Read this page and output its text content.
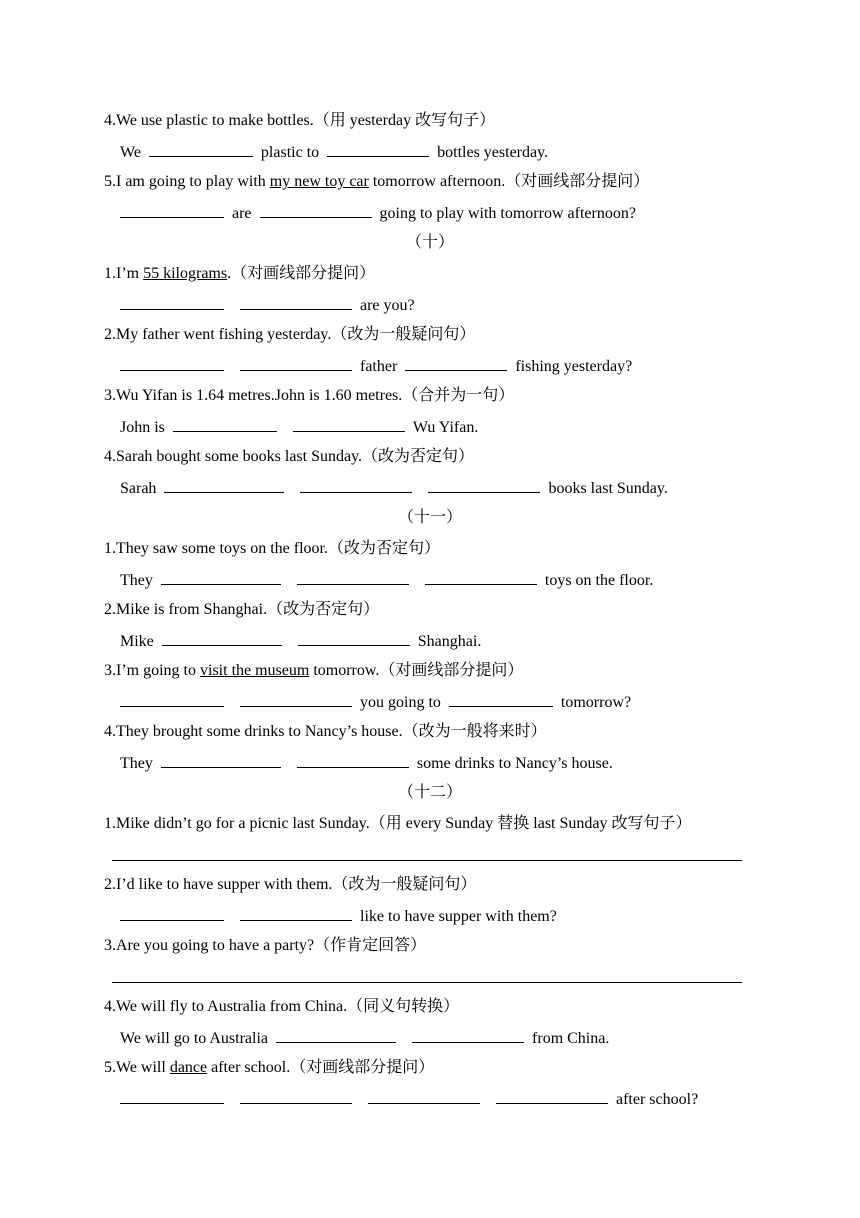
4.We use plastic to make bottles.（用 yesterday 改写句子）
We	plastic to	bottles yesterday.
5.I am going to play with my new toy car tomorrow afternoon.（对画线部分提问）
are	going to play with tomorrow afternoon?
（十）
1.I’m 55 kilograms.（对画线部分提问）
are you?
2.My father went fishing yesterday.（改为一般疑问句）
father	fishing yesterday?
3.Wu Yifan is 1.64 metres.John is 1.60 metres.（合并为一句）
John is	Wu Yifan.
4.Sarah bought some books last Sunday.（改为否定句）
Sarah	books last Sunday.
（十一）
1.They saw some toys on the floor.（改为否定句）
They	toys on the floor.
2.Mike is from Shanghai.（改为否定句）
Mike	Shanghai.
3.I’m going to visit the museum tomorrow.（对画线部分提问）
you going to	tomorrow?
4.They brought some drinks to Nancy’s house.（改为一般将来时）
They	some drinks to Nancy’s house.
（十二）
1.Mike didn’t go for a picnic last Sunday.（用 every Sunday 替换 last Sunday 改写句子）
2.I’d like to have supper with them.（改为一般疑问句）
like to have supper with them?
3.Are you going to have a party?（作肯定回答）
4.We will fly to Australia from China.（同义句转换）
We will go to Australia	from China.
5.We will dance after school.（对画线部分提问）
after school?
